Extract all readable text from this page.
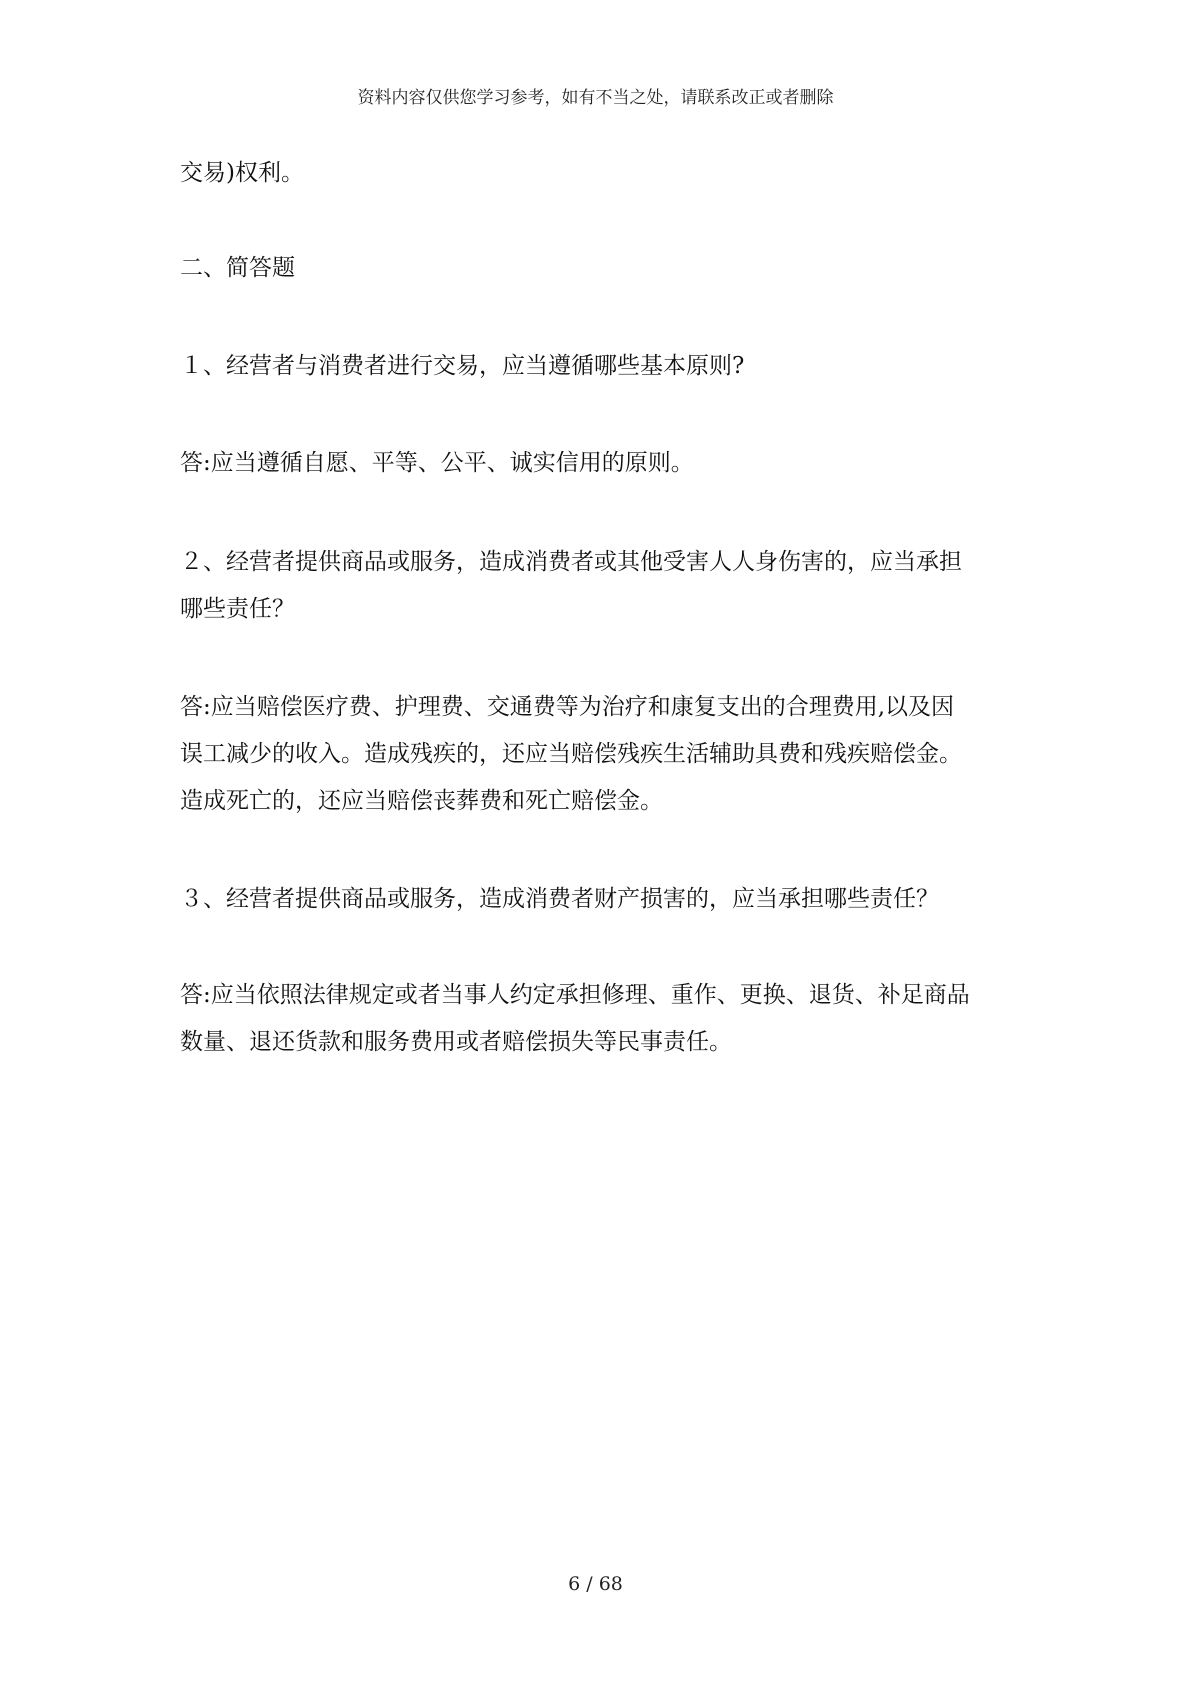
资料内容仅供您学习参考，如有不当之处，请联系改正或者删除

交易)权利。

二、简答题

１、经营者与消费者进行交易，应当遵循哪些基本原则?

答:应当遵循自愿、平等、公平、诚实信用的原则。

２、经营者提供商品或服务，造成消费者或其他受害人人身伤害的，应当承担

哪些责任？

答:应当赔偿医疗费、护理费、交通费等为治疗和康复支出的合理费用,以及因

误工减少的收入。造成残疾的，还应当赔偿残疾生活辅助具费和残疾赔偿金。

造成死亡的，还应当赔偿丧葬费和死亡赔偿金。

３、经营者提供商品或服务，造成消费者财产损害的，应当承担哪些责任？

答:应当依照法律规定或者当事人约定承担修理、重作、更换、退货、补足商品

数量、退还货款和服务费用或者赔偿损失等民事责任。

6 / 68
